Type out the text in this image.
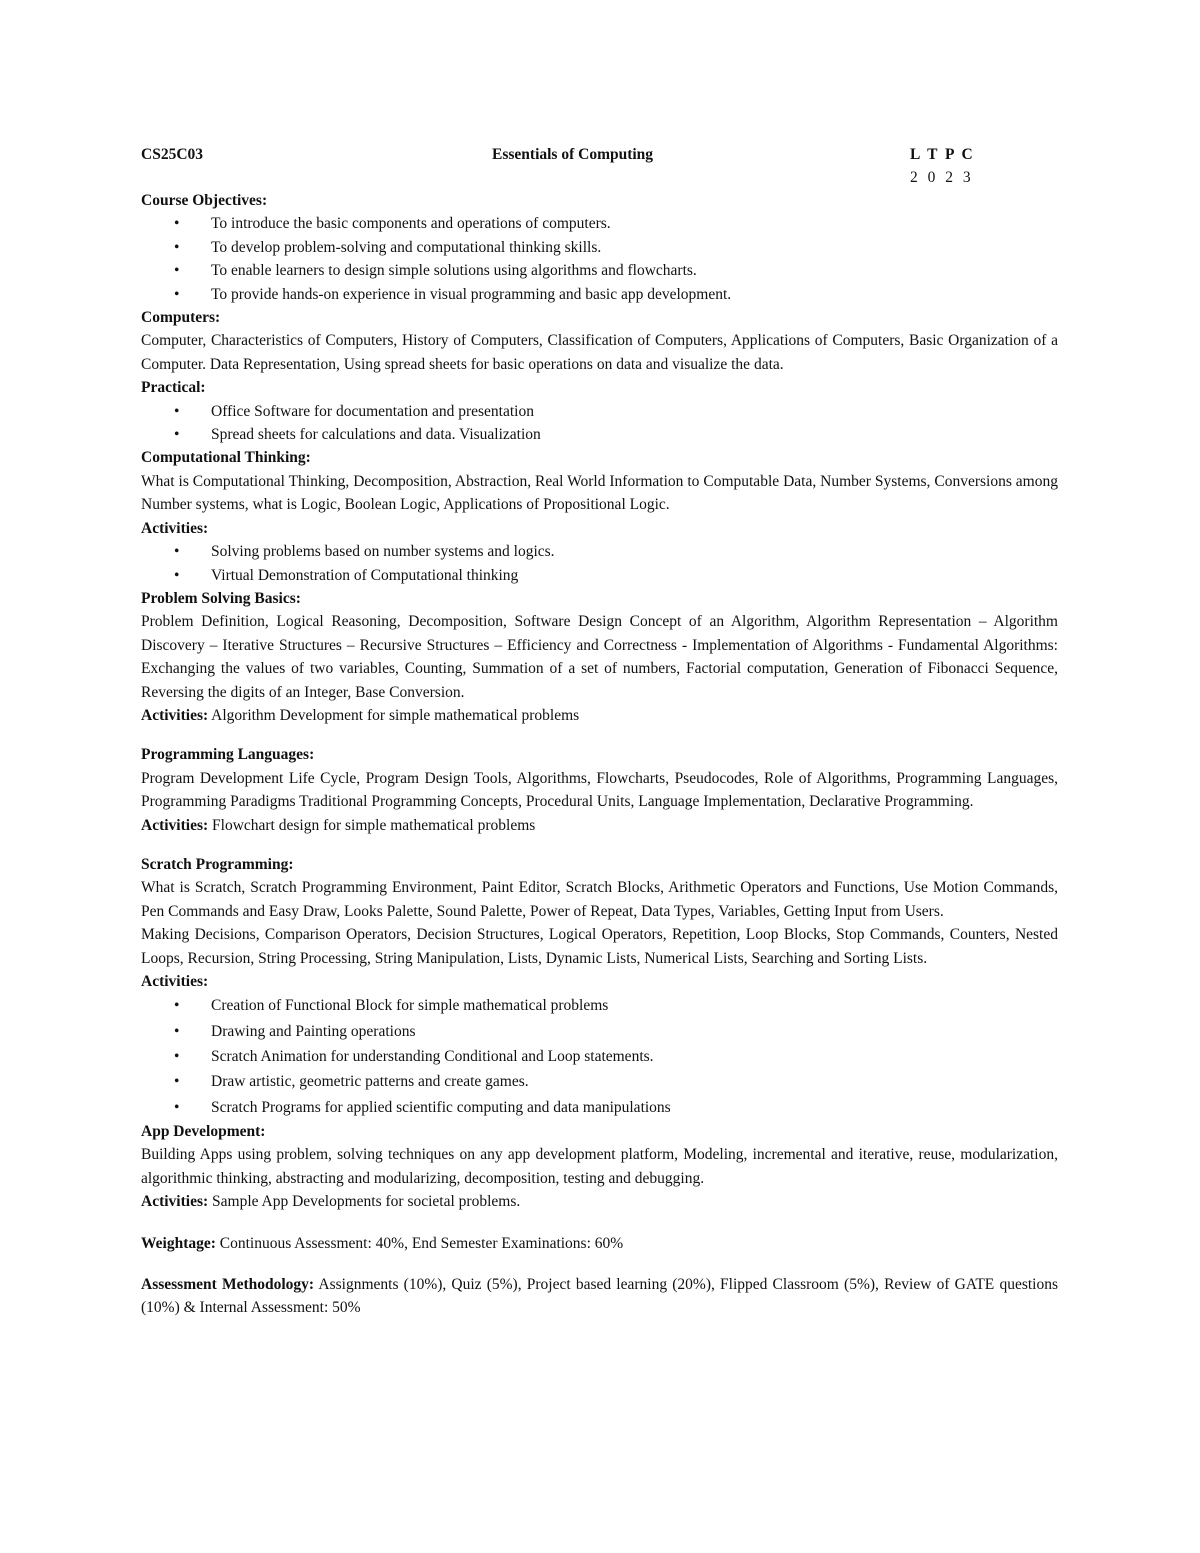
CS25C03	Essentials of Computing	L T P C
2 0 2 3
Course Objectives:
• To introduce the basic components and operations of computers.
• To develop problem-solving and computational thinking skills.
• To enable learners to design simple solutions using algorithms and flowcharts.
• To provide hands-on experience in visual programming and basic app development.
Computers:
Computer, Characteristics of Computers, History of Computers, Classification of Computers, Applications of Computers, Basic Organization of a Computer. Data Representation, Using spread sheets for basic operations on data and visualize the data.
Practical:
• Office Software for documentation and presentation
• Spread sheets for calculations and data. Visualization
Computational Thinking:
What is Computational Thinking, Decomposition, Abstraction, Real World Information to Computable Data, Number Systems, Conversions among Number systems, what is Logic, Boolean Logic, Applications of Propositional Logic.
Activities:
• Solving problems based on number systems and logics.
• Virtual Demonstration of Computational thinking
Problem Solving Basics:
Problem Definition, Logical Reasoning, Decomposition, Software Design Concept of an Algorithm, Algorithm Representation – Algorithm Discovery – Iterative Structures – Recursive Structures – Efficiency and Correctness - Implementation of Algorithms - Fundamental Algorithms: Exchanging the values of two variables, Counting, Summation of a set of numbers, Factorial computation, Generation of Fibonacci Sequence, Reversing the digits of an Integer, Base Conversion.
Activities: Algorithm Development for simple mathematical problems
Programming Languages:
Program Development Life Cycle, Program Design Tools, Algorithms, Flowcharts, Pseudocodes, Role of Algorithms, Programming Languages, Programming Paradigms Traditional Programming Concepts, Procedural Units, Language Implementation, Declarative Programming.
Activities: Flowchart design for simple mathematical problems
Scratch Programming:
What is Scratch, Scratch Programming Environment, Paint Editor, Scratch Blocks, Arithmetic Operators and Functions, Use Motion Commands, Pen Commands and Easy Draw, Looks Palette, Sound Palette, Power of Repeat, Data Types, Variables, Getting Input from Users.
Making Decisions, Comparison Operators, Decision Structures, Logical Operators, Repetition, Loop Blocks, Stop Commands, Counters, Nested Loops, Recursion, String Processing, String Manipulation, Lists, Dynamic Lists, Numerical Lists, Searching and Sorting Lists.
Activities:
• Creation of Functional Block for simple mathematical problems
• Drawing and Painting operations
• Scratch Animation for understanding Conditional and Loop statements.
• Draw artistic, geometric patterns and create games.
• Scratch Programs for applied scientific computing and data manipulations
App Development:
Building Apps using problem, solving techniques on any app development platform, Modeling, incremental and iterative, reuse, modularization, algorithmic thinking, abstracting and modularizing, decomposition, testing and debugging.
Activities: Sample App Developments for societal problems.
Weightage: Continuous Assessment: 40%, End Semester Examinations: 60%
Assessment Methodology: Assignments (10%), Quiz (5%), Project based learning (20%), Flipped Classroom (5%), Review of GATE questions (10%) & Internal Assessment: 50%
